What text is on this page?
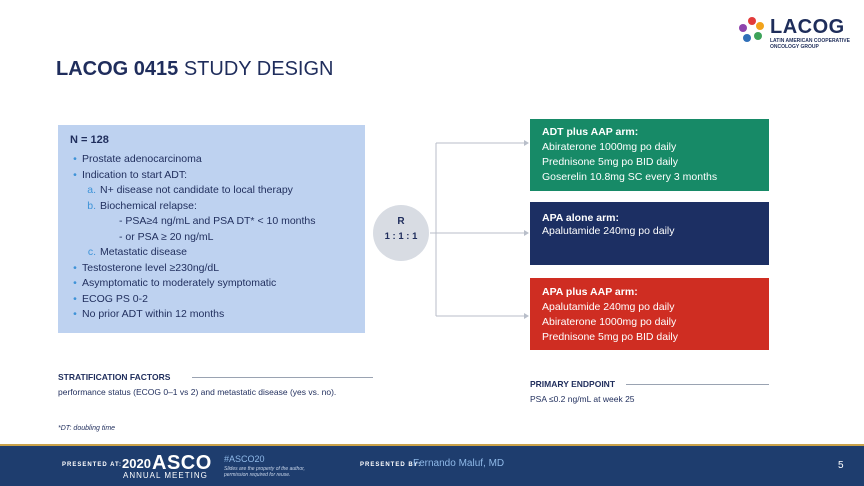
LACOG
LATIN AMERICAN COOPERATIVE ONCOLOGY GROUP
LACOG 0415 STUDY DESIGN
N = 128
• Prostate adenocarcinoma
• Indication to start ADT:
a. N+ disease not candidate to local therapy
b. Biochemical relapse:
- PSA≥4 ng/mL and PSA DT* < 10 months
- or PSA ≥ 20 ng/mL
c. Metastatic disease
• Testosterone level ≥230ng/dL
• Asymptomatic to moderately symptomatic
• ECOG PS 0-2
• No prior ADT within 12 months
R
1 : 1 : 1
ADT plus AAP arm:
Abiraterone 1000mg po daily
Prednisone 5mg po BID daily
Goserelin 10.8mg SC every 3 months
APA alone arm:
Apalutamide 240mg po daily
APA plus AAP arm:
Apalutamide 240mg po daily
Abiraterone 1000mg po daily
Prednisone 5mg po BID daily
STRATIFICATION FACTORS
performance status (ECOG 0–1 vs 2) and metastatic disease (yes vs. no).
PRIMARY ENDPOINT
PSA ≤0.2 ng/mL at week 25
*DT: doubling time
PRESENTED AT: 2020 ASCO
ANNUAL MEETING
#ASCO20
Slides are the property of the author, permission required for reuse.
PRESENTED BY:
Fernando Maluf, MD	5
